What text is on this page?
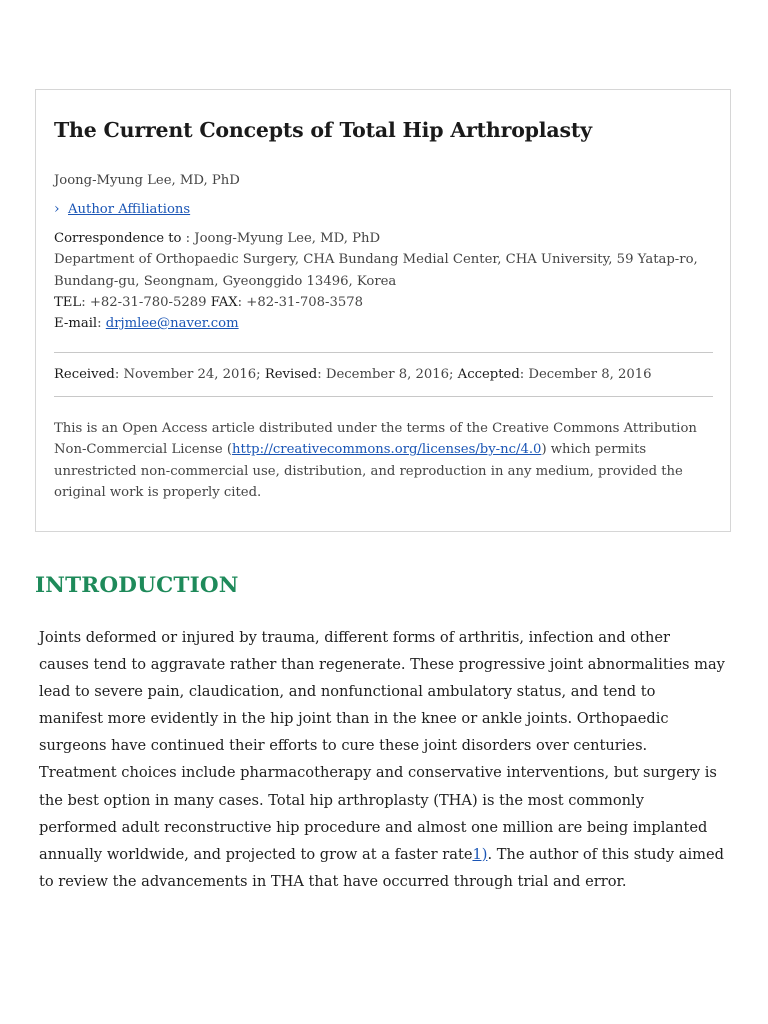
The Current Concepts of Total Hip Arthroplasty
Joong-Myung Lee, MD, PhD
› Author Affiliations
Correspondence to : Joong-Myung Lee, MD, PhD
Department of Orthopaedic Surgery, CHA Bundang Medial Center, CHA University, 59 Yatap-ro,
Bundang-gu, Seongnam, Gyeonggido 13496, Korea
TEL: +82-31-780-5289 FAX: +82-31-708-3578
E-mail: drjmlee@naver.com
Received: November 24, 2016; Revised: December 8, 2016; Accepted: December 8, 2016
This is an Open Access article distributed under the terms of the Creative Commons Attribution
Non-Commercial License (http://creativecommons.org/licenses/by-nc/4.0) which permits
unrestricted non-commercial use, distribution, and reproduction in any medium, provided the
original work is properly cited.
INTRODUCTION
Joints deformed or injured by trauma, different forms of arthritis, infection and other
causes tend to aggravate rather than regenerate. These progressive joint abnormalities may
lead to severe pain, claudication, and nonfunctional ambulatory status, and tend to
manifest more evidently in the hip joint than in the knee or ankle joints. Orthopaedic
surgeons have continued their efforts to cure these joint disorders over centuries.
Treatment choices include pharmacotherapy and conservative interventions, but surgery is
the best option in many cases. Total hip arthroplasty (THA) is the most commonly
performed adult reconstructive hip procedure and almost one million are being implanted
annually worldwide, and projected to grow at a faster rate1). The author of this study aimed
to review the advancements in THA that have occurred through trial and error.
